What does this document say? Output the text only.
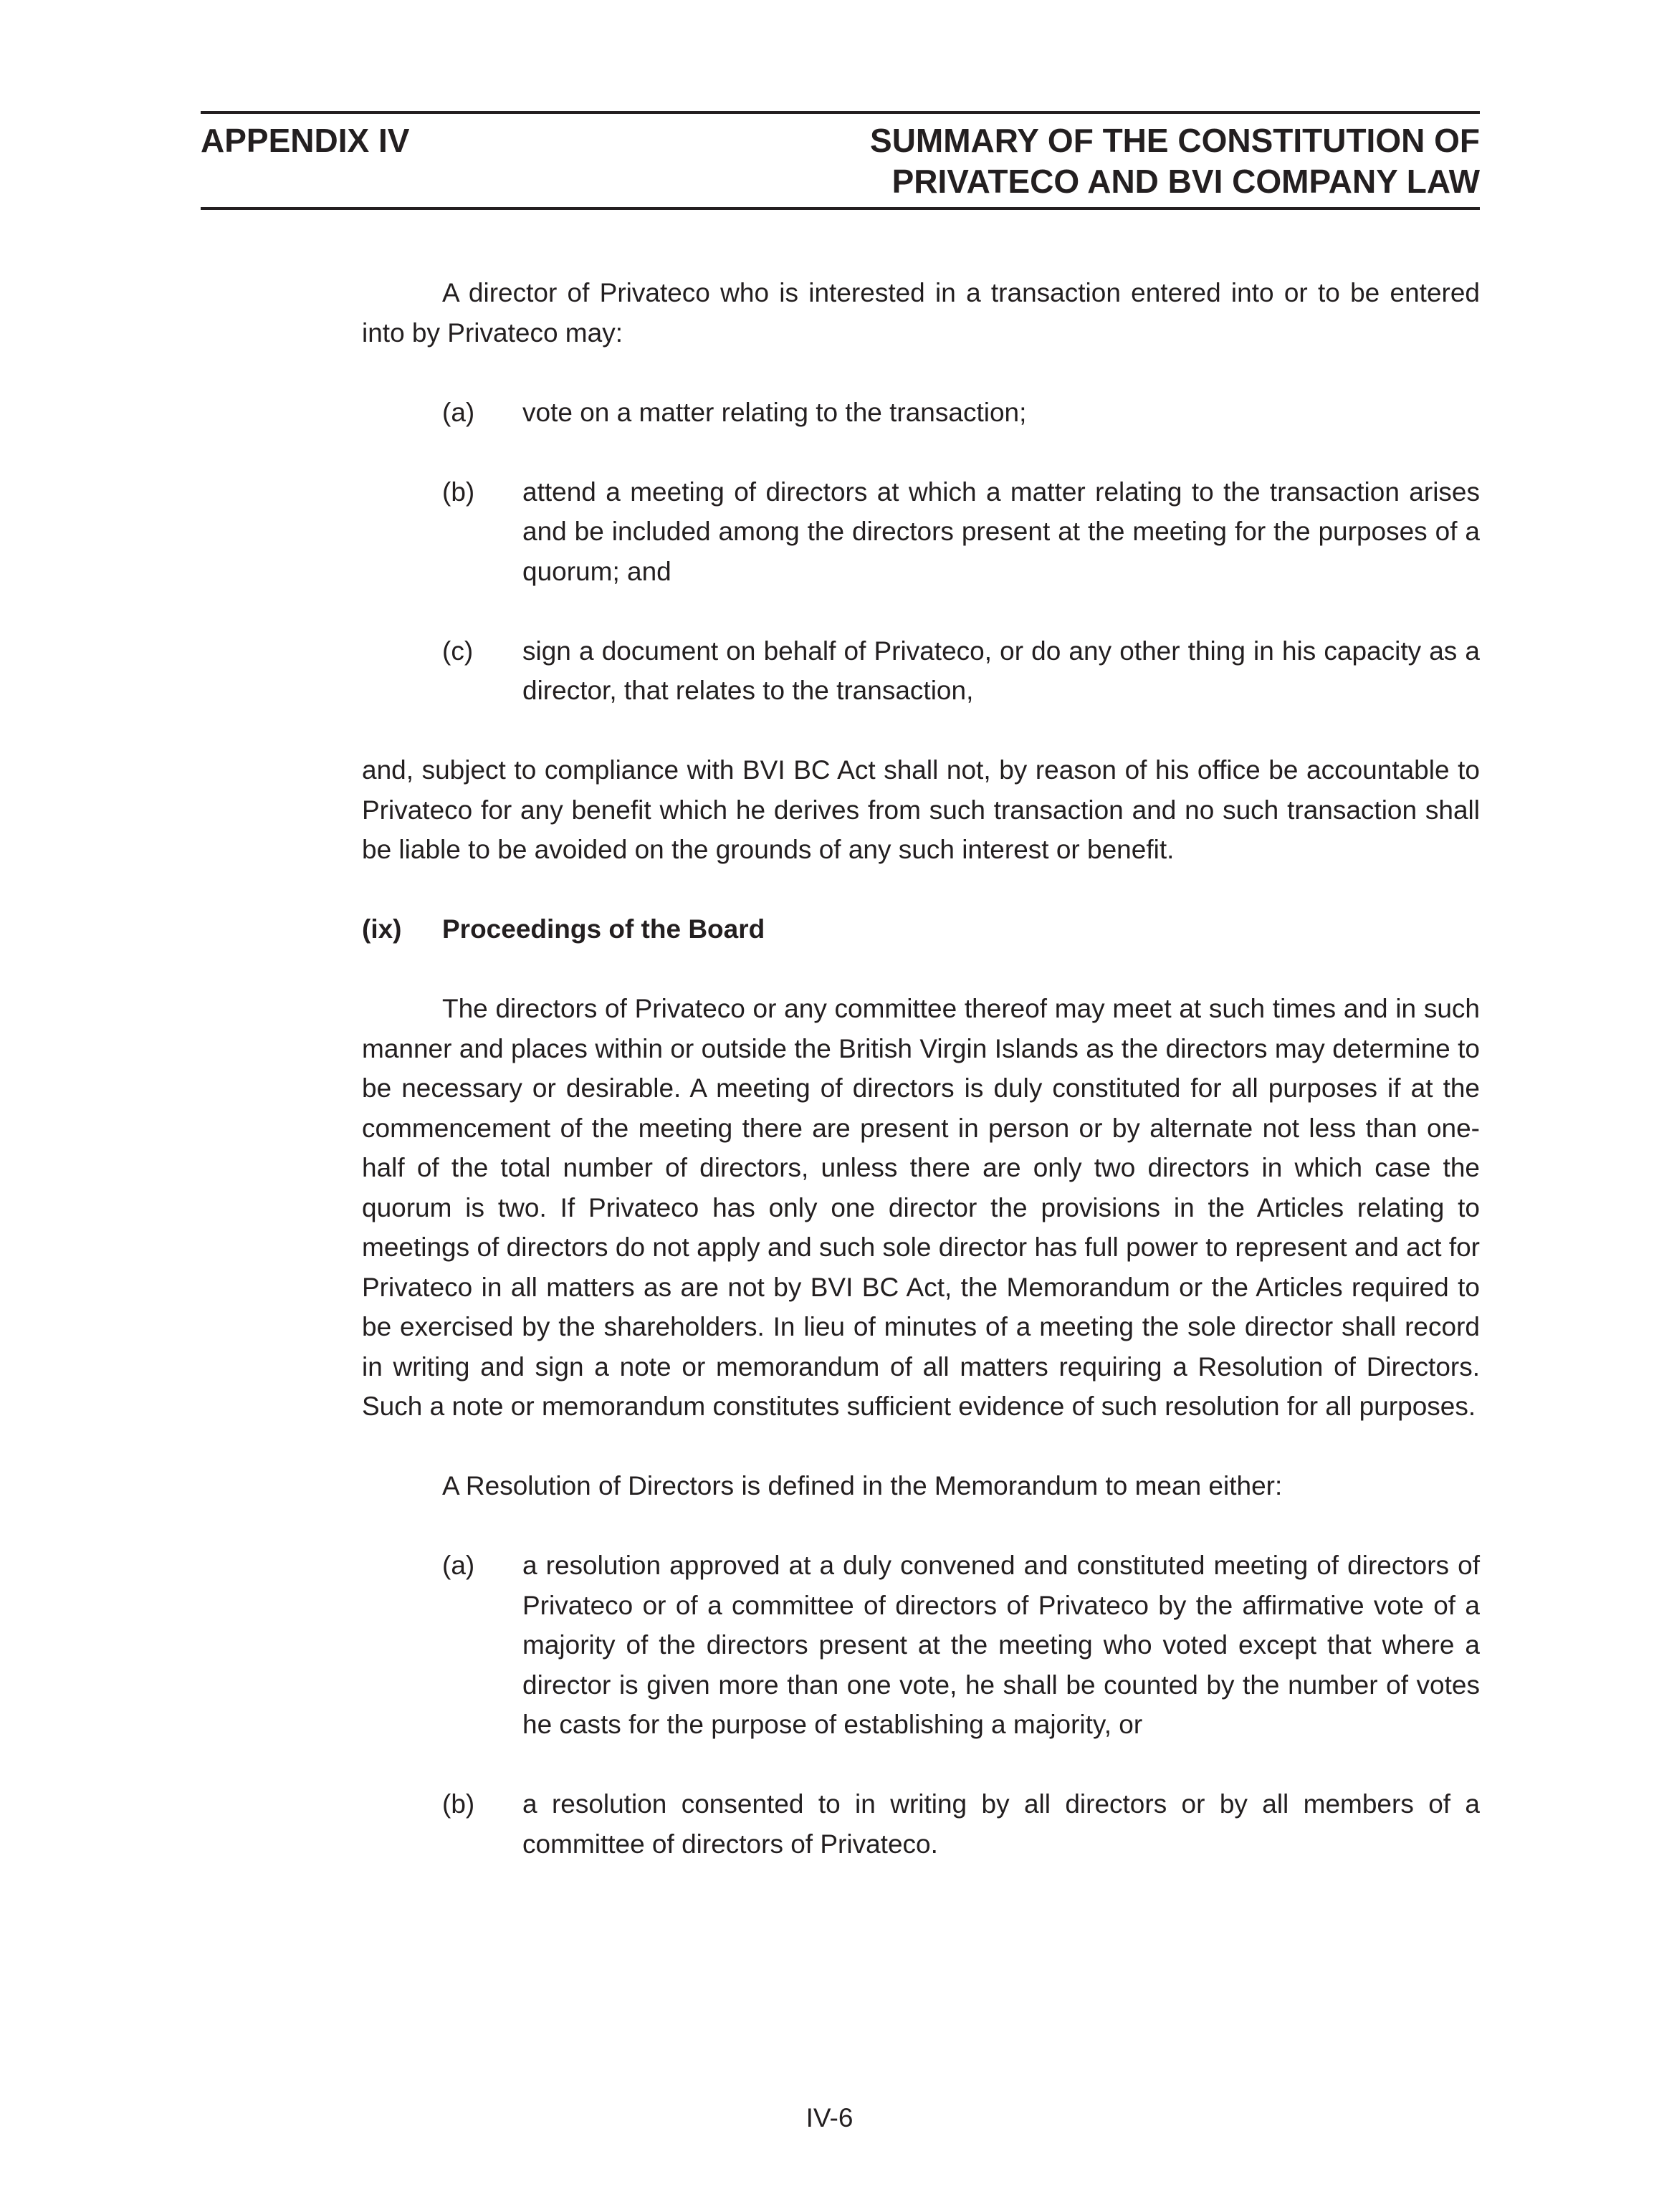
APPENDIX IV	SUMMARY OF THE CONSTITUTION OF
PRIVATECO AND BVI COMPANY LAW

A director of Privateco who is interested in a transaction entered into or to be entered into by Privateco may:

(a)	vote on a matter relating to the transaction;
(b)	attend a meeting of directors at which a matter relating to the transaction arises and be included among the directors present at the meeting for the purposes of a quorum; and
(c)	sign a document on behalf of Privateco, or do any other thing in his capacity as a director, that relates to the transaction,

and, subject to compliance with BVI BC Act shall not, by reason of his office be accountable to Privateco for any benefit which he derives from such transaction and no such transaction shall be liable to be avoided on the grounds of any such interest or benefit.

(ix)	Proceedings of the Board

The directors of Privateco or any committee thereof may meet at such times and in such manner and places within or outside the British Virgin Islands as the directors may determine to be necessary or desirable. A meeting of directors is duly constituted for all purposes if at the commencement of the meeting there are present in person or by alternate not less than one-half of the total number of directors, unless there are only two directors in which case the quorum is two. If Privateco has only one director the provisions in the Articles relating to meetings of directors do not apply and such sole director has full power to represent and act for Privateco in all matters as are not by BVI BC Act, the Memorandum or the Articles required to be exercised by the shareholders. In lieu of minutes of a meeting the sole director shall record in writing and sign a note or memorandum of all matters requiring a Resolution of Directors. Such a note or memorandum constitutes sufficient evidence of such resolution for all purposes.

A Resolution of Directors is defined in the Memorandum to mean either:

(a)	a resolution approved at a duly convened and constituted meeting of directors of Privateco or of a committee of directors of Privateco by the affirmative vote of a majority of the directors present at the meeting who voted except that where a director is given more than one vote, he shall be counted by the number of votes he casts for the purpose of establishing a majority, or
(b)	a resolution consented to in writing by all directors or by all members of a committee of directors of Privateco.
IV-6
